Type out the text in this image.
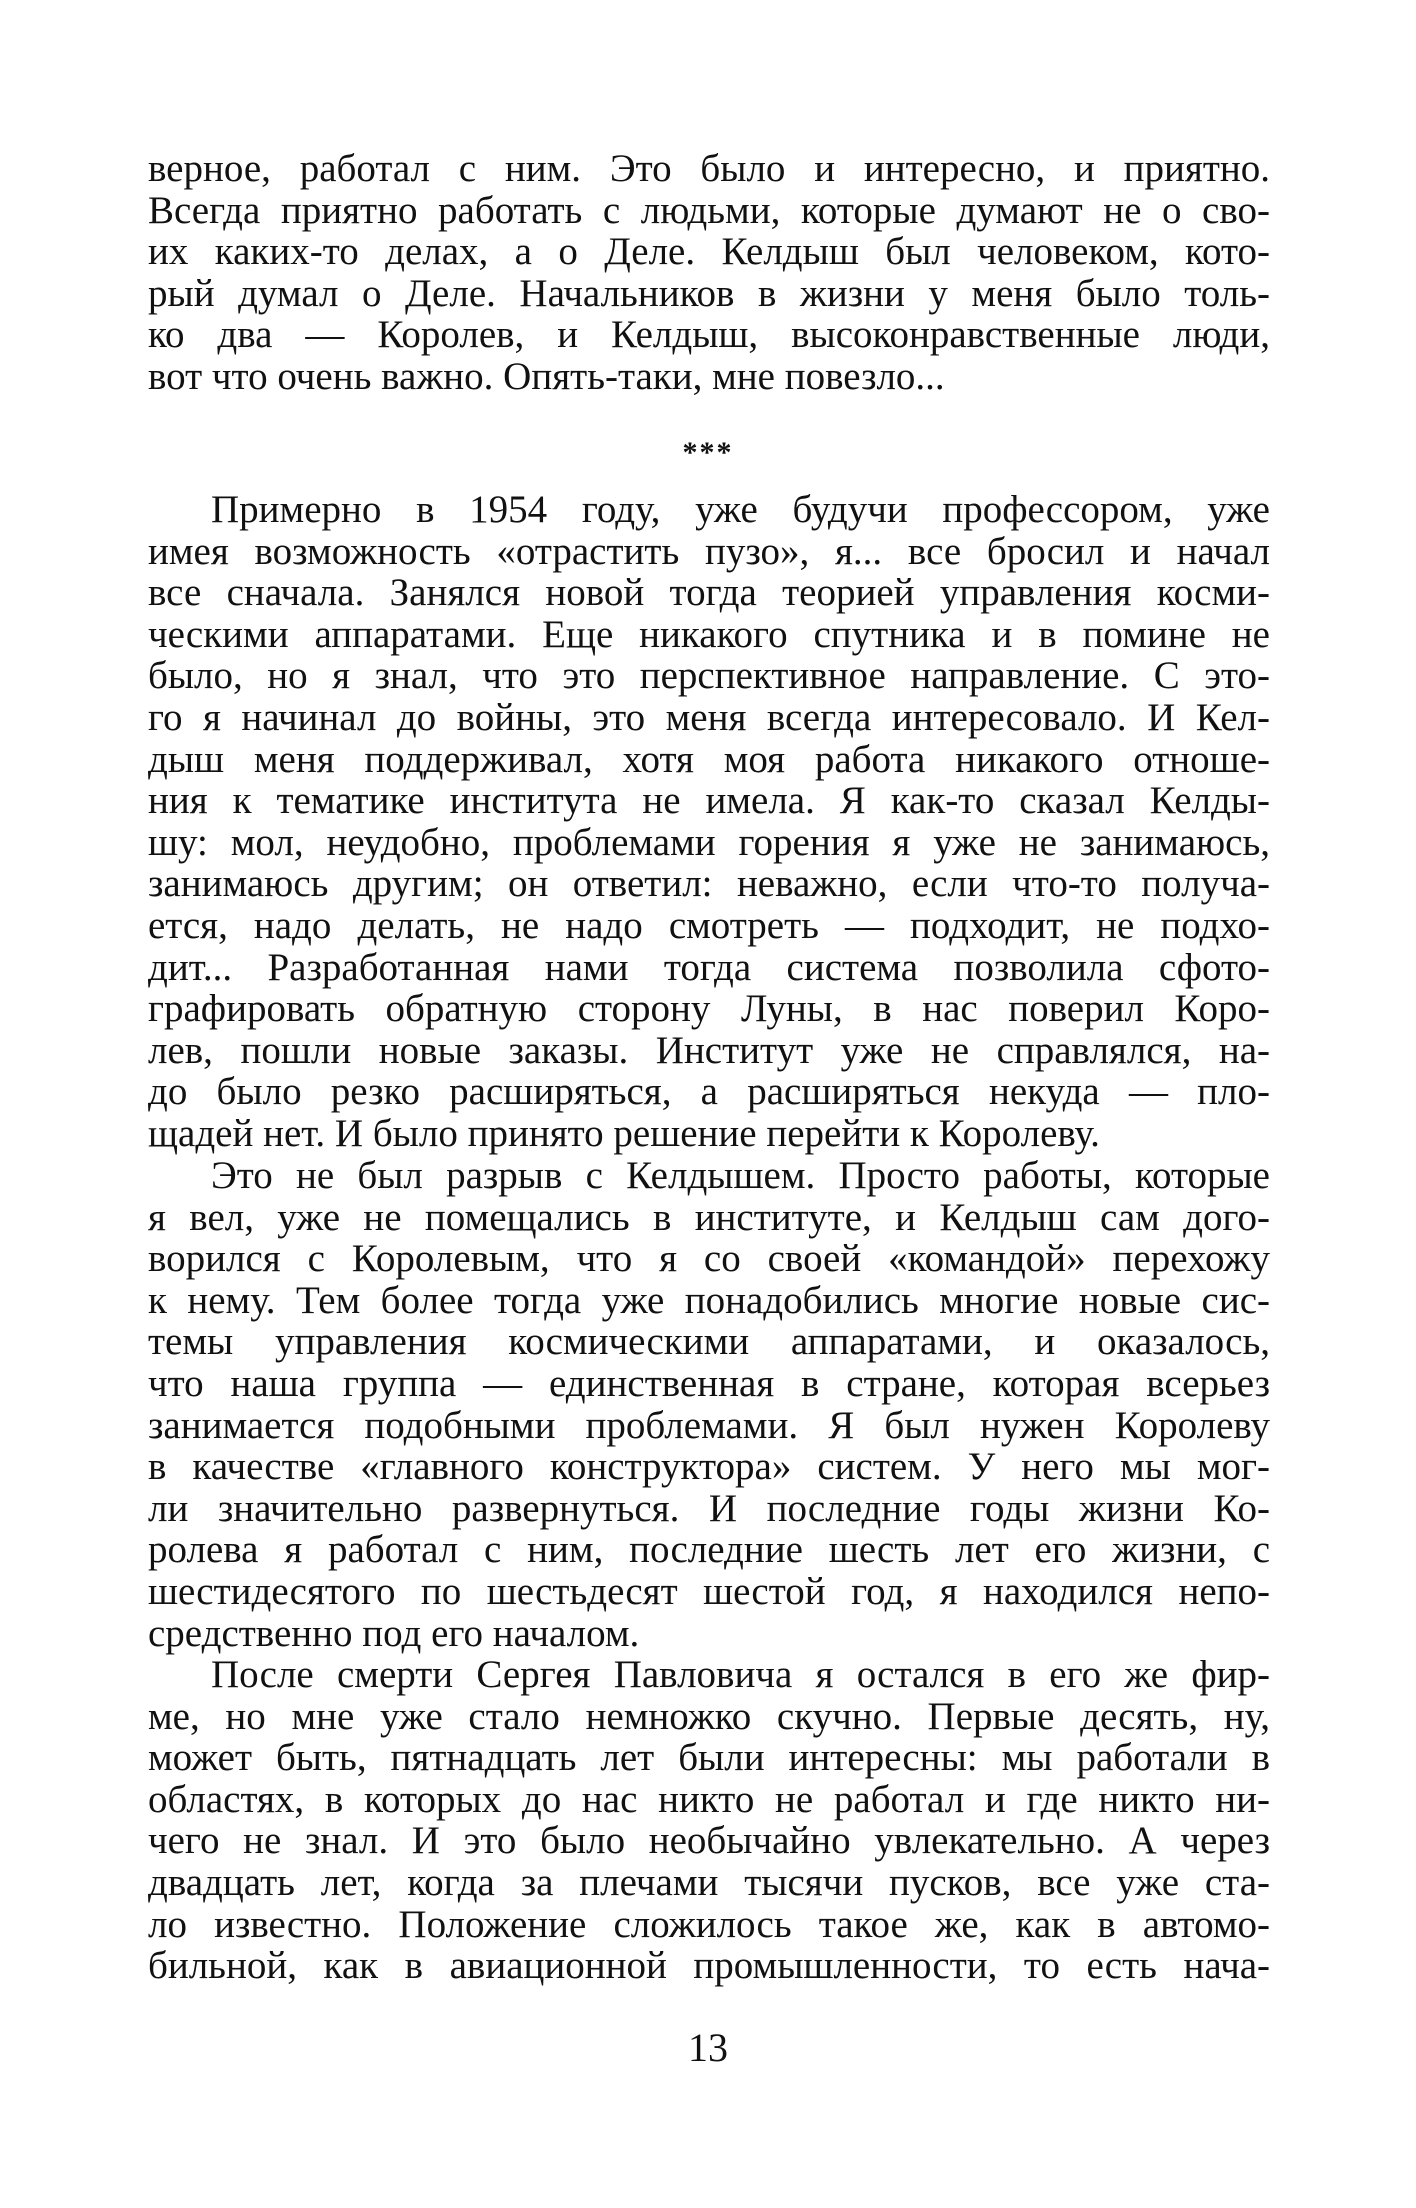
верное, работал с ним. Это было и интересно, и приятно.
Всегда приятно работать с людьми, которые думают не о сво-
их каких-то делах, а о Деле. Келдыш был человеком, кото-
рый думал о Деле. Начальников в жизни у меня было толь-
ко два — Королев, и Келдыш, высоконравственные люди,
вот что очень важно. Опять-таки, мне повезло...
***
Примерно в 1954 году, уже будучи профессором, уже
имея возможность «отрастить пузо», я... все бросил и начал
все сначала. Занялся новой тогда теорией управления косми-
ческими аппаратами. Еще никакого спутника и в помине не
было, но я знал, что это перспективное направление. С это-
го я начинал до войны, это меня всегда интересовало. И Кел-
дыш меня поддерживал, хотя моя работа никакого отноше-
ния к тематике института не имела. Я как-то сказал Келды-
шу: мол, неудобно, проблемами горения я уже не занимаюсь,
занимаюсь другим; он ответил: неважно, если что-то получа-
ется, надо делать, не надо смотреть — подходит, не подхо-
дит... Разработанная нами тогда система позволила сфото-
графировать обратную сторону Луны, в нас поверил Коро-
лев, пошли новые заказы. Институт уже не справлялся, на-
до было резко расширяться, а расширяться некуда — пло-
щадей нет. И было принято решение перейти к Королеву.
Это не был разрыв с Келдышем. Просто работы, которые
я вел, уже не помещались в институте, и Келдыш сам дого-
ворился с Королевым, что я со своей «командой» перехожу
к нему. Тем более тогда уже понадобились многие новые сис-
темы управления космическими аппаратами, и оказалось,
что наша группа — единственная в стране, которая всерьез
занимается подобными проблемами. Я был нужен Королеву
в качестве «главного конструктора» систем. У него мы мог-
ли значительно развернуться. И последние годы жизни Ко-
ролева я работал с ним, последние шесть лет его жизни, с
шестидесятого по шестьдесят шестой год, я находился непо-
средственно под его началом.
После смерти Сергея Павловича я остался в его же фир-
ме, но мне уже стало немножко скучно. Первые десять, ну,
может быть, пятнадцать лет были интересны: мы работали в
областях, в которых до нас никто не работал и где никто ни-
чего не знал. И это было необычайно увлекательно. А через
двадцать лет, когда за плечами тысячи пусков, все уже ста-
ло известно. Положение сложилось такое же, как в автомо-
бильной, как в авиационной промышленности, то есть нача-
13
